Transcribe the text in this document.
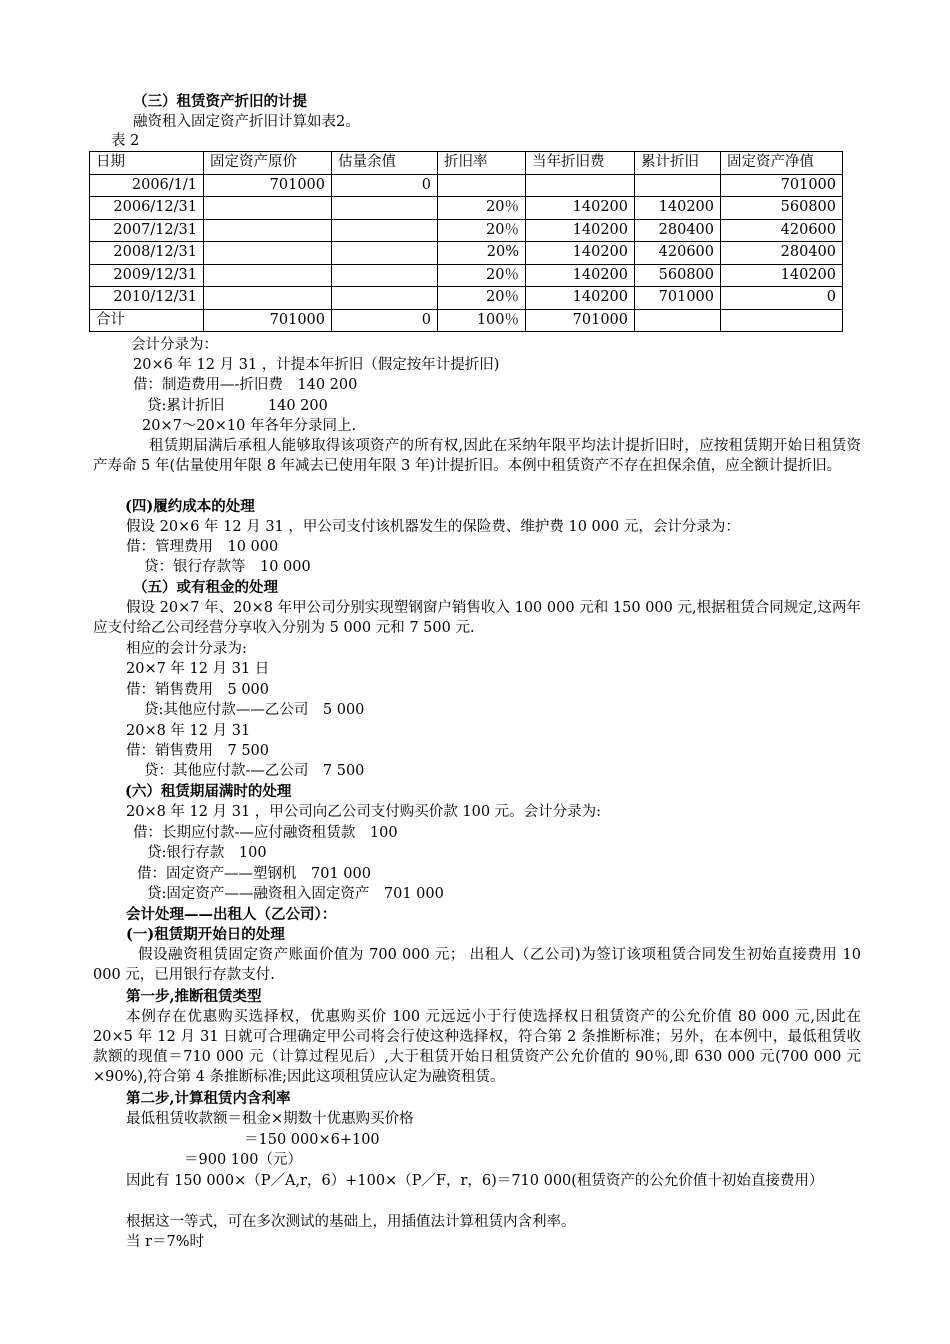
（三）租赁资产折旧的计提
融资租入固定资产折旧计算如表2。
表 2
日期	固定资产原价	估量余值	折旧率	当年折旧费	累计折旧	固定资产净值
2006/1/1	701000	0				701000
2006/12/31			20％	140200	140200	560800
2007/12/31			20％	140200	280400	420600
2008/12/31			20%	140200	420600	280400
2009/12/31			20％	140200	560800	140200
2010/12/31			20％	140200	701000	0
合计	701000	0	100％	701000		
会计分录为：
20×6 年 12 月 31 ，计提本年折旧（假定按年计提折旧)
借：制造费用—-折旧费　140 200
贷:累计折旧　　　140 200
20×7～20×10 年各年分录同上.
租赁期届满后承租人能够取得该项资产的所有权,因此在采纳年限平均法计提折旧时，应按租赁期开始日租赁资产寿命 5 年(估量使用年限 8 年减去已使用年限 3 年)计提折旧。本例中租赁资产不存在担保余值，应全额计提折旧。
(四)履约成本的处理
假设 20×6 年 12 月 31 ，甲公司支付该机器发生的保险费、维护费 10 000 元，会计分录为：
借：管理费用　10 000
贷：银行存款等　10 000
（五）或有租金的处理
假设 20×7 年、20×8 年甲公司分别实现塑钢窗户销售收入 100 000 元和 150 000 元,根据租赁合同规定,这两年应支付给乙公司经营分享收入分别为 5 000 元和 7 500 元.
相应的会计分录为:
20×7 年 12 月 31 日
借：销售费用　5 000
贷:其他应付款——乙公司　5 000
20×8 年 12 月 31
借：销售费用　7 500
贷：其他应付款-—乙公司　7 500
(六）租赁期届满时的处理
20×8 年 12 月 31 ，甲公司向乙公司支付购买价款 100 元。会计分录为:
借：长期应付款-—应付融资租赁款　100
贷:银行存款　100
借：固定资产——塑钢机　701 000
贷:固定资产——融资租入固定资产　701 000
会计处理——出租人（乙公司）：
(一)租赁期开始日的处理
假设融资租赁固定资产账面价值为 700 000 元； 出租人（乙公司)为签订该项租赁合同发生初始直接费用 10 000 元，已用银行存款支付.
第一步,推断租赁类型
本例存在优惠购买选择权，优惠购买价 100 元远远小于行使选择权日租赁资产的公允价值 80 000 元,因此在 20×5 年 12 月 31 日就可合理确定甲公司将会行使这种选择权，符合第 2 条推断标准；另外，在本例中，最低租赁收款额的现值＝710 000 元（计算过程见后）,大于租赁开始日租赁资产公允价值的 90％,即 630 000 元(700 000 元×90%),符合第 4 条推断标准;因此这项租赁应认定为融资租赁。
第二步,计算租赁内含利率
最低租赁收款额＝租金×期数十优惠购买价格
＝150 000×6+100
＝900 100（元）
因此有 150 000×（P／A,r，6）+100×（P／F，r，6)＝710 000(租赁资产的公允价值十初始直接费用）
根据这一等式，可在多次测试的基础上，用插值法计算租赁内含利率。
当 r＝7%时
